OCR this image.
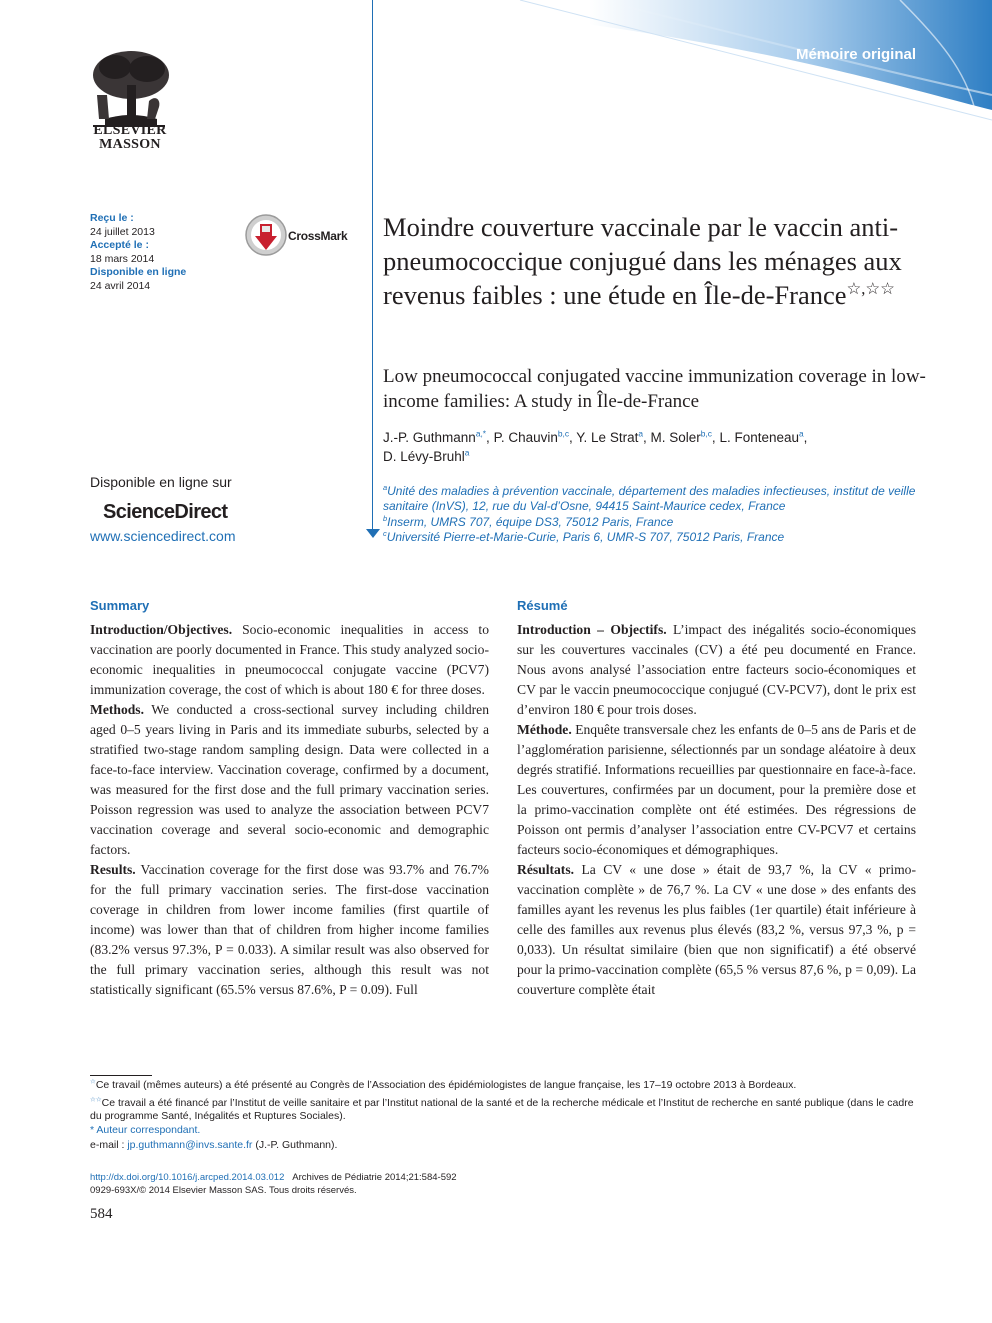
Mémoire original
ELSEVIER
MASSON
Reçu le :
24 juillet 2013
Accepté le :
18 mars 2014
Disponible en ligne
24 avril 2014
CrossMark
Disponible en ligne sur
ScienceDirect
www.sciencedirect.com
Moindre couverture vaccinale par le vaccin anti-pneumococcique conjugué dans les ménages aux revenus faibles : une étude en Île-de-France☆,☆☆
Low pneumococcal conjugated vaccine immunization coverage in low-income families: A study in Île-de-France
J.-P. Guthmann$^{a,*}$, P. Chauvin$^{b,c}$, Y. Le Strat$^a$, M. Soler$^{b,c}$, L. Fonteneau$^a$,
D. Lévy-Bruhl$^a$
$^a$Unité des maladies à prévention vaccinale, département des maladies infectieuses, institut de veille sanitaire (InVS), 12, rue du Val-d’Osne, 94415 Saint-Maurice cedex, France
$^b$Inserm, UMRS 707, équipe DS3, 75012 Paris, France
$^c$Université Pierre-et-Marie-Curie, Paris 6, UMR-S 707, 75012 Paris, France
Summary

Introduction/Objectives. Socio-economic inequalities in access to vaccination are poorly documented in France. This study analyzed socio-economic inequalities in pneumococcal conjugate vaccine (PCV7) immunization coverage, the cost of which is about 180 € for three doses.

Methods. We conducted a cross-sectional survey including children aged 0–5 years living in Paris and its immediate suburbs, selected by a stratified two-stage random sampling design. Data were collected in a face-to-face interview. Vaccination coverage, confirmed by a document, was measured for the first dose and the full primary vaccination series. Poisson regression was used to analyze the association between PCV7 vaccination coverage and several socio-economic and demographic factors.

Results. Vaccination coverage for the first dose was 93.7% and 76.7% for the full primary vaccination series. The first-dose vaccination coverage in children from lower income families (first quartile of income) was lower than that of children from higher income families (83.2% versus 97.3%, P = 0.033). A similar result was also observed for the full primary vaccination series, although this result was not statistically significant (65.5% versus 87.6%, P = 0.09). Full

Résumé

Introduction – Objectifs. L’impact des inégalités socio-économiques sur les couvertures vaccinales (CV) a été peu documenté en France. Nous avons analysé l’association entre facteurs socio-économiques et CV par le vaccin pneumococcique conjugué (CV-PCV7), dont le prix est d’environ 180 € pour trois doses.

Méthode. Enquête transversale chez les enfants de 0–5 ans de Paris et de l’agglomération parisienne, sélectionnés par un sondage aléatoire à deux degrés stratifié. Informations recueillies par questionnaire en face-à-face. Les couvertures, confirmées par un document, pour la première dose et la primo-vaccination complète ont été estimées. Des régressions de Poisson ont permis d’analyser l’association entre CV-PCV7 et certains facteurs socio-économiques et démographiques.

Résultats. La CV « une dose » était de 93,7 %, la CV « primo-vaccination complète » de 76,7 %. La CV « une dose » des enfants des familles ayant les revenus les plus faibles (1er quartile) était inférieure à celle des familles aux revenus plus élevés (83,2 %, versus 97,3 %, p = 0,033). Un résultat similaire (bien que non significatif) a été observé pour la primo-vaccination complète (65,5 % versus 87,6 %, p = 0,09). La couverture complète était

☆Ce travail (mêmes auteurs) a été présenté au Congrès de l’Association des épidémiologistes de langue française, les 17–19 octobre 2013 à Bordeaux.

☆☆Ce travail a été financé par l’Institut de veille sanitaire et par l’Institut national de la santé et de la recherche médicale et l’Institut de recherche en santé publique (dans le cadre du programme Santé, Inégalités et Ruptures Sociales).

* Auteur correspondant.

e-mail : jp.guthmann@invs.sante.fr (J.-P. Guthmann).

http://dx.doi.org/10.1016/j.arcped.2014.03.012 Archives de Pédiatrie 2014;21:584-592
0929-693X/© 2014 Elsevier Masson SAS. Tous droits réservés.
584
